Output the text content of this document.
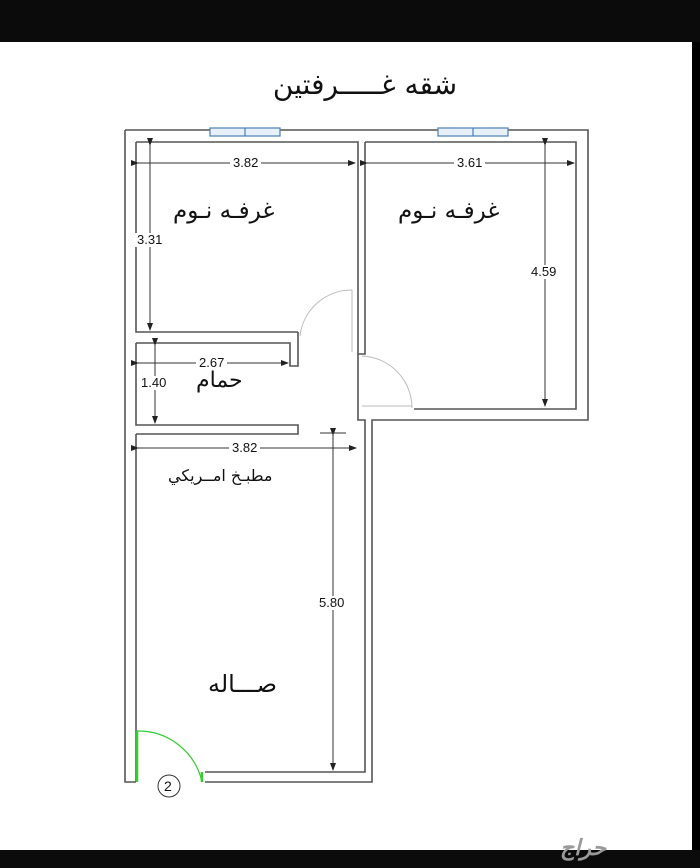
شقه غـــــرفتين
3.82
3.31
غرفـه نـوم
3.61
4.59
غرفـه نـوم
2.67
1.40 حمام
3.82
مطبـخ امــريكي
5.80
صـــاله
2
حراج
